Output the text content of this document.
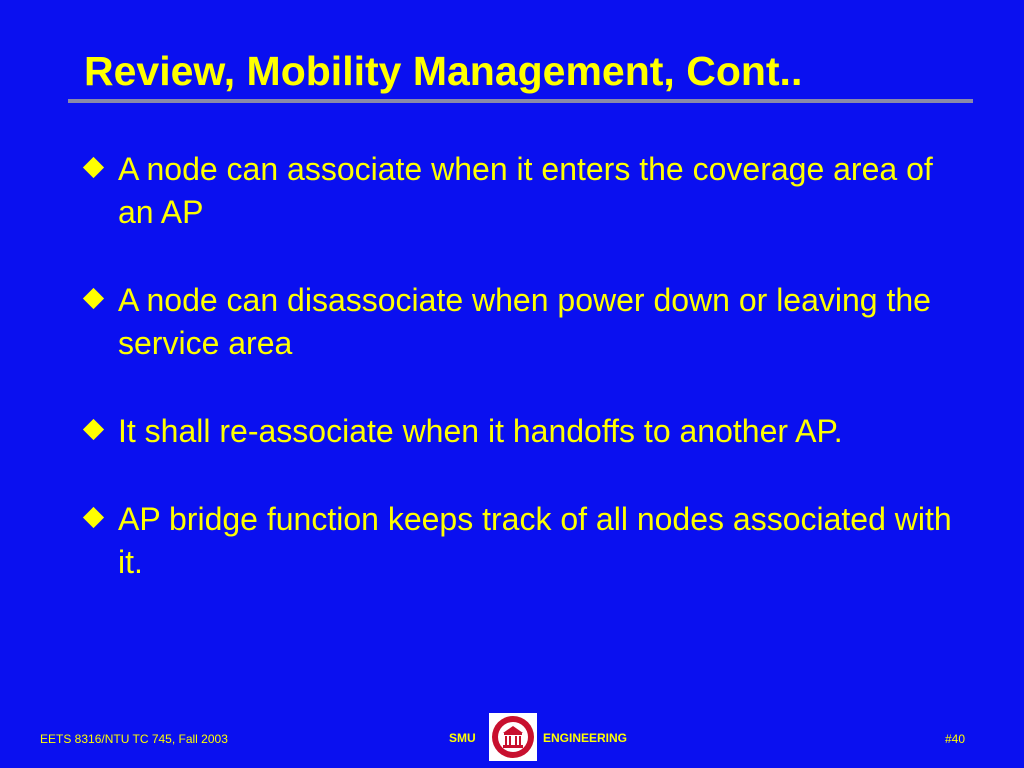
Review, Mobility Management, Cont..
A node can associate when it enters the coverage area of an AP
A node can disassociate when power down or leaving the service area
It shall re-associate when it handoffs to another AP.
AP bridge function keeps track of all nodes associated with it.
EETS 8316/NTU TC 745, Fall 2003	SMU	ENGINEERING	#40
